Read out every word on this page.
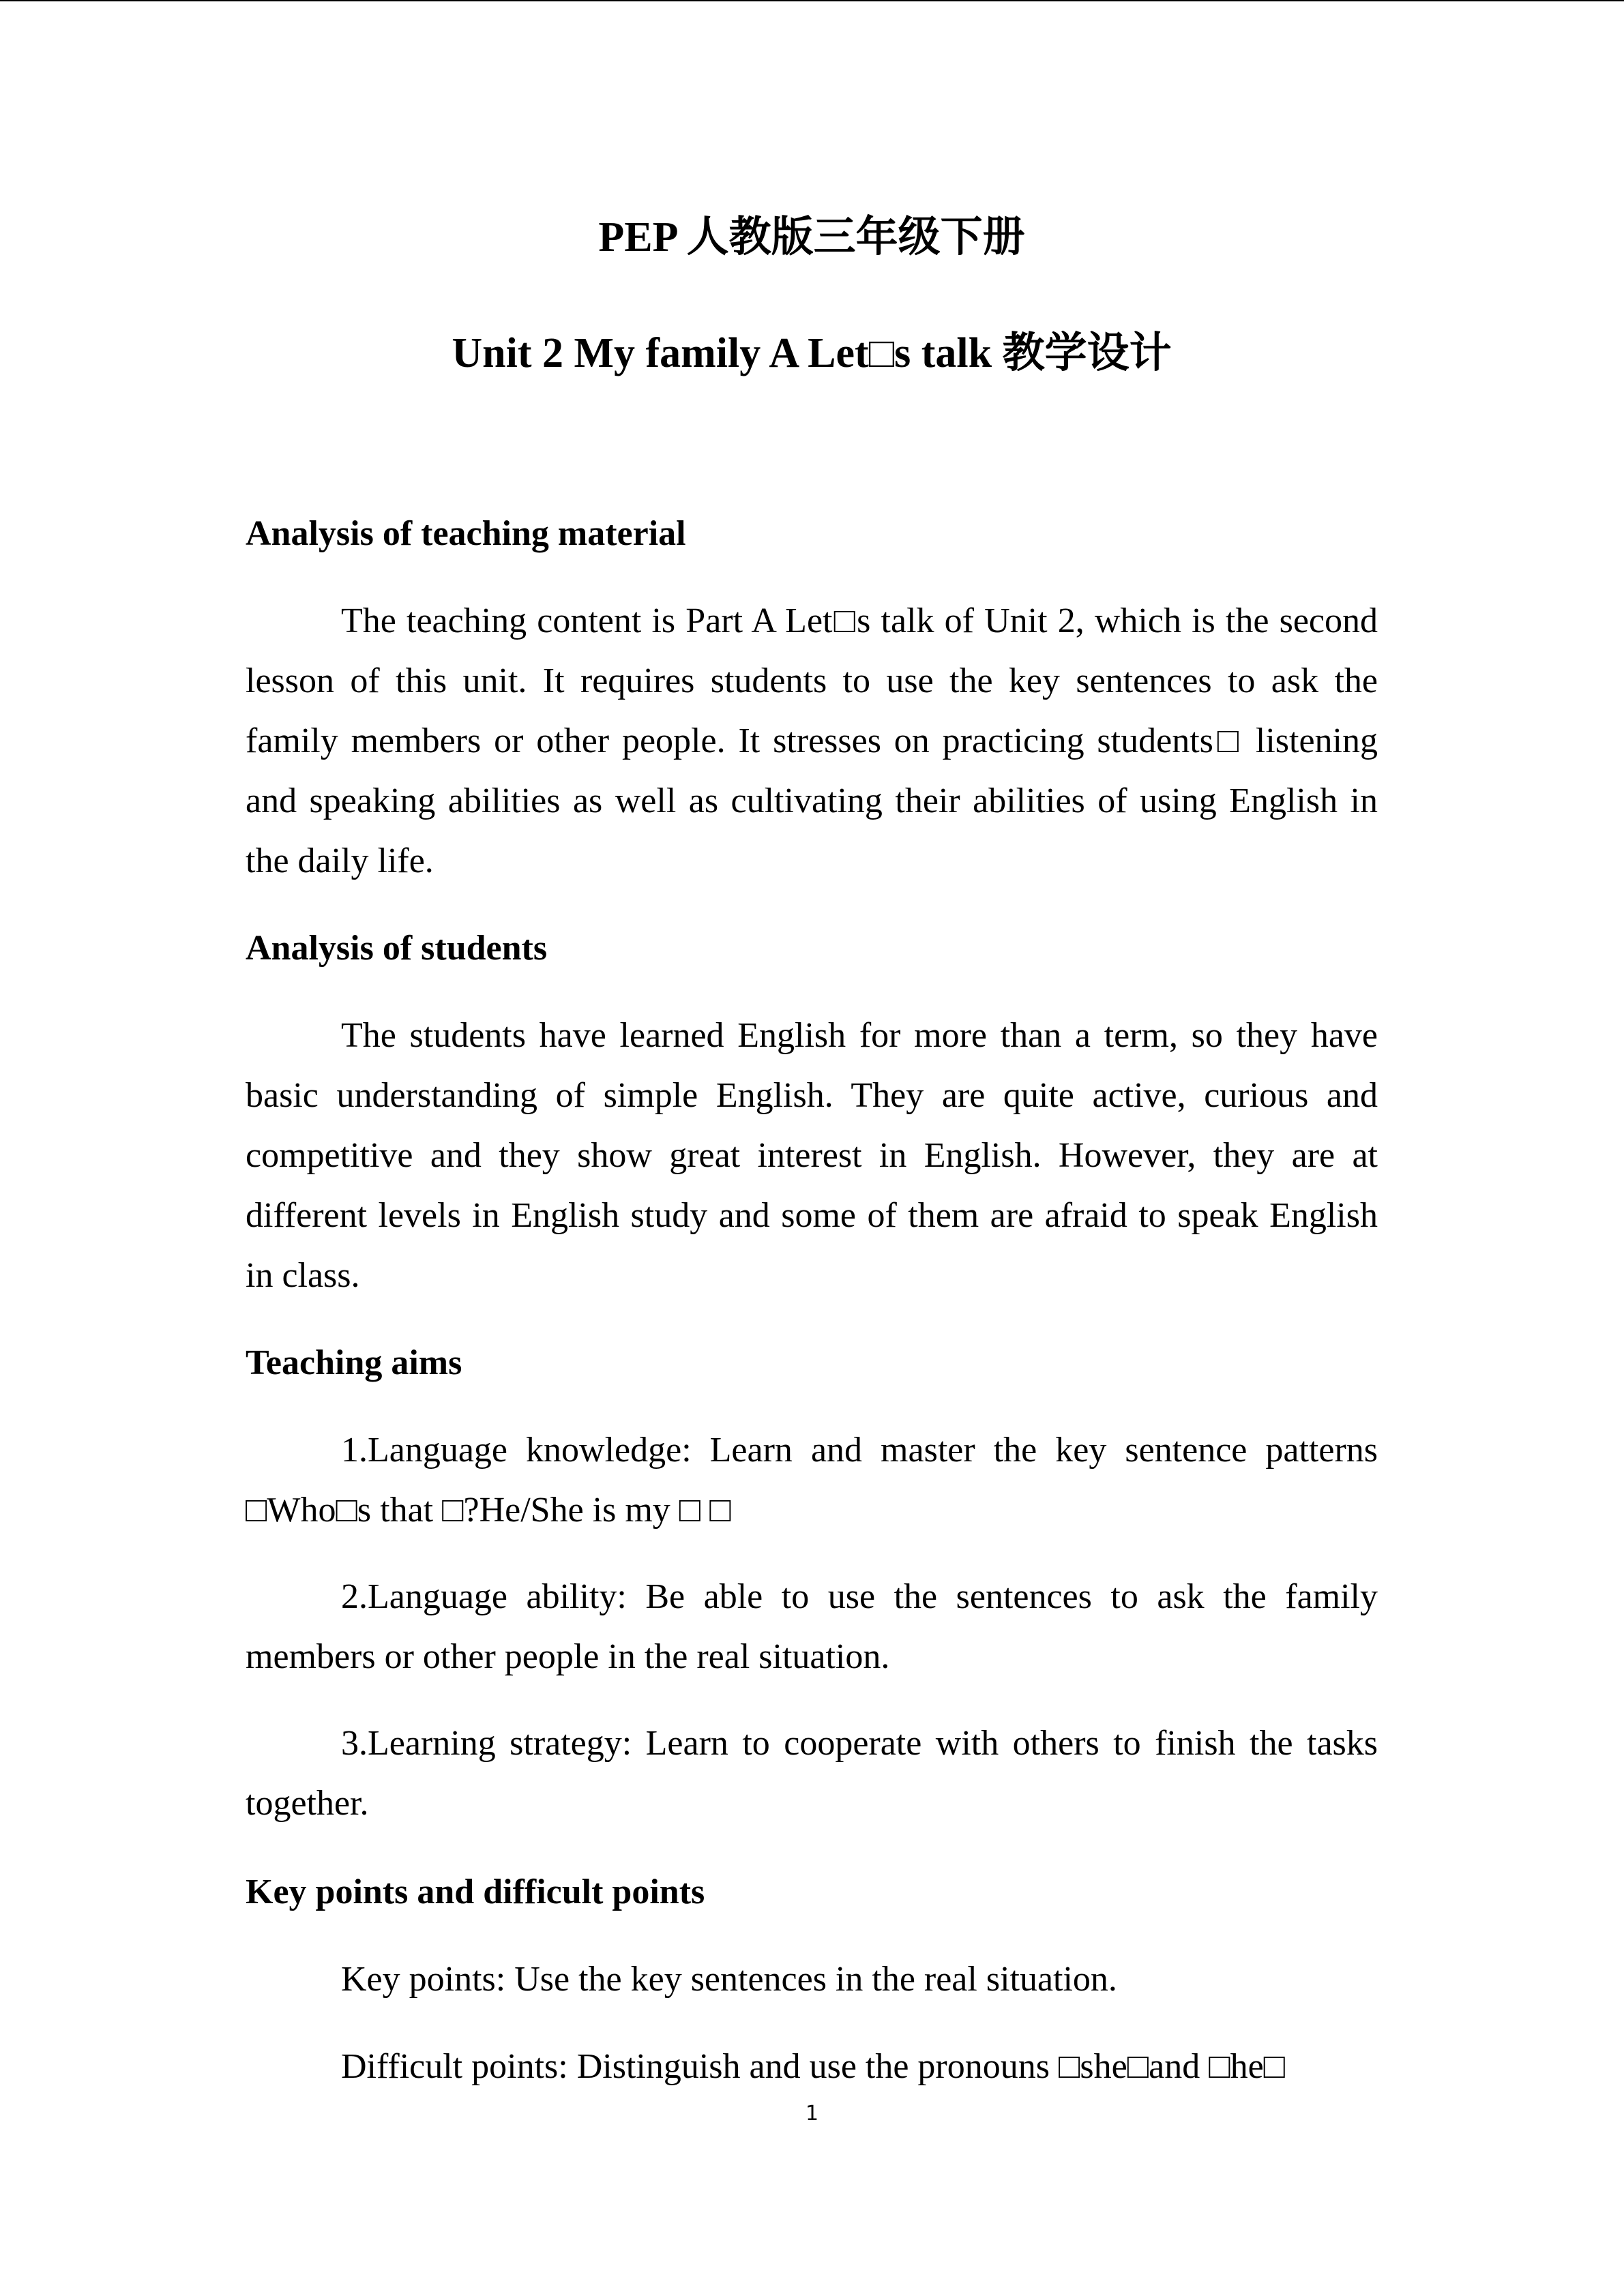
PEP 人教版三年级下册
Unit 2 My family A Let□s talk 教学设计
Analysis of teaching material
The teaching content is Part A Let□s talk of Unit 2, which is the second lesson of this unit. It requires students to use the key sentences to ask the family members or other people. It stresses on practicing students□ listening and speaking abilities as well as cultivating their abilities of using English in the daily life.
Analysis of students
The students have learned English for more than a term, so they have basic understanding of simple English. They are quite active, curious and competitive and they show great interest in English. However, they are at different levels in English study and some of them are afraid to speak English in class.
Teaching aims
1.Language knowledge: Learn and master the key sentence patterns □Who□s that □?He/She is my □ □
2.Language ability: Be able to use the sentences to ask the family members or other people in the real situation.
3.Learning strategy: Learn to cooperate with others to finish the tasks together.
Key points and difficult points
Key points: Use the key sentences in the real situation.
Difficult points: Distinguish and use the pronouns □she□and □he□
1
